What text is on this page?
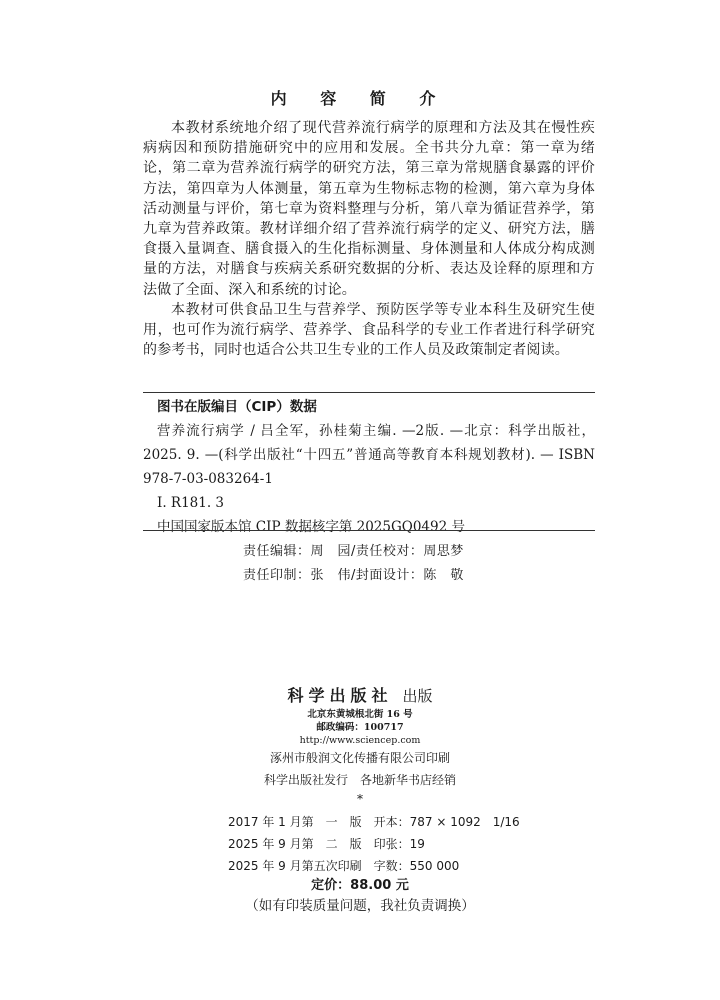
内 容 简 介

本教材系统地介绍了现代营养流行病学的原理和方法及其在慢性疾病病因和预防措施研究中的应用和发展。全书共分九章：第一章为绪论，第二章为营养流行病学的研究方法，第三章为常规膳食暴露的评价方法，第四章为人体测量，第五章为生物标志物的检测，第六章为身体活动测量与评价，第七章为资料整理与分析，第八章为循证营养学，第九章为营养政策。教材详细介绍了营养流行病学的定义、研究方法，膳食摄入量调查、膳食摄入的生化指标测量、身体测量和人体成分构成测量的方法，对膳食与疾病关系研究数据的分析、表达及诠释的原理和方法做了全面、深入和系统的讨论。

本教材可供食品卫生与营养学、预防医学等专业本科生及研究生使用，也可作为流行病学、营养学、食品科学的专业工作者进行科学研究的参考书，同时也适合公共卫生专业的工作人员及政策制定者阅读。

图书在版编目（CIP）数据

营养流行病学 / 吕全军，孙桂菊主编. —2版. —北京：科学出版社，2025. 9. —(科学出版社“十四五”普通高等教育本科规划教材). — ISBN 978-7-03-083264-1

Ⅰ. R181. 3
中国国家版本馆 CIP 数据核字第 2025GQ0492 号
责任编辑：周　园/责任校对：周思梦
责任印制：张　伟/封面设计：陈　敬
科学出版社 出版
北京东黄城根北街 16 号
邮政编码：100717
http://www.sciencep.com
涿州市般润文化传播有限公司印刷
科学出版社发行　各地新华书店经销
*
2017 年 1 月第　一　版　开本：787 × 1092　1/16
2025 年 9 月第　二　版　印张：19
2025 年 9 月第五次印刷　字数：550 000
定价：88.00 元
（如有印装质量问题，我社负责调换）
